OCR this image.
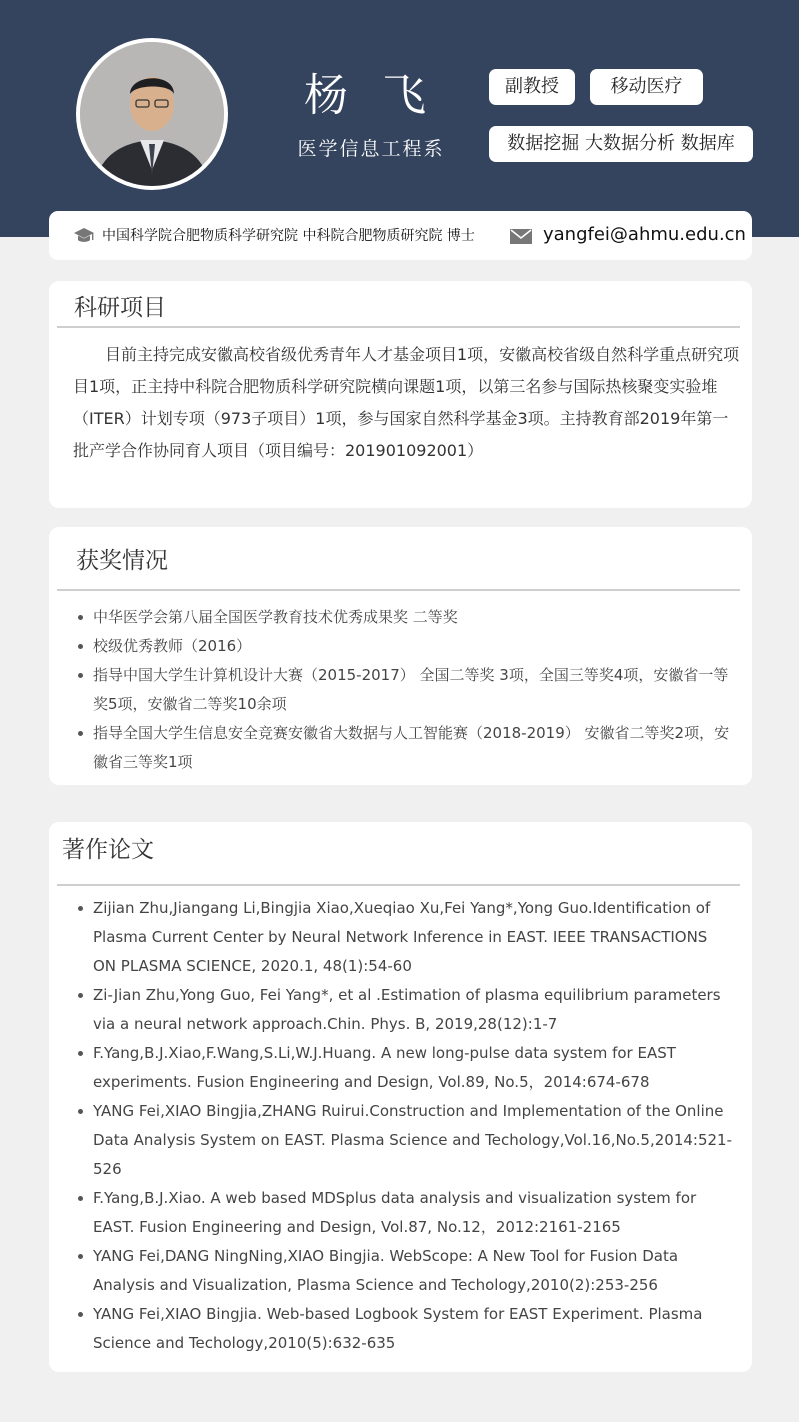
杨 飞
医学信息工程系
副教授	移动医疗
数据挖掘 大数据分析 数据库
中国科学院合肥物质科学研究院 中科院合肥物质研究院 博士	yangfei@ahmu.edu.cn
科研项目
目前主持完成安徽高校省级优秀青年人才基金项目1项，安徽高校省级自然科学重点研究项目1项，正主持中科院合肥物质科学研究院横向课题1项，以第三名参与国际热核聚变实验堆（ITER）计划专项（973子项目）1项，参与国家自然科学基金3项。主持教育部2019年第一批产学合作协同育人项目（项目编号：201901092001）
获奖情况
中华医学会第八届全国医学教育技术优秀成果奖 二等奖
校级优秀教师（2016）
指导中国大学生计算机设计大赛（2015-2017） 全国二等奖 3项，全国三等奖4项，安徽省一等奖5项，安徽省二等奖10余项
指导全国大学生信息安全竞赛安徽省大数据与人工智能赛（2018-2019） 安徽省二等奖2项，安徽省三等奖1项
著作论文
Zijian Zhu,Jiangang Li,Bingjia Xiao,Xueqiao Xu,Fei Yang*,Yong Guo.Identification of Plasma Current Center by Neural Network Inference in EAST. IEEE TRANSACTIONS ON PLASMA SCIENCE, 2020.1, 48(1):54-60
Zi-Jian Zhu,Yong Guo, Fei Yang*, et al .Estimation of plasma equilibrium parameters via a neural network approach.Chin. Phys. B, 2019,28(12):1-7
F.Yang,B.J.Xiao,F.Wang,S.Li,W.J.Huang. A new long-pulse data system for EAST experiments. Fusion Engineering and Design, Vol.89, No.5，2014:674-678
YANG Fei,XIAO Bingjia,ZHANG Ruirui.Construction and Implementation of the Online Data Analysis System on EAST. Plasma Science and Techology,Vol.16,No.5,2014:521-526
F.Yang,B.J.Xiao. A web based MDSplus data analysis and visualization system for EAST. Fusion Engineering and Design, Vol.87, No.12，2012:2161-2165
YANG Fei,DANG NingNing,XIAO Bingjia. WebScope: A New Tool for Fusion Data Analysis and Visualization, Plasma Science and Techology,2010(2):253-256
YANG Fei,XIAO Bingjia. Web-based Logbook System for EAST Experiment. Plasma Science and Techology,2010(5):632-635
